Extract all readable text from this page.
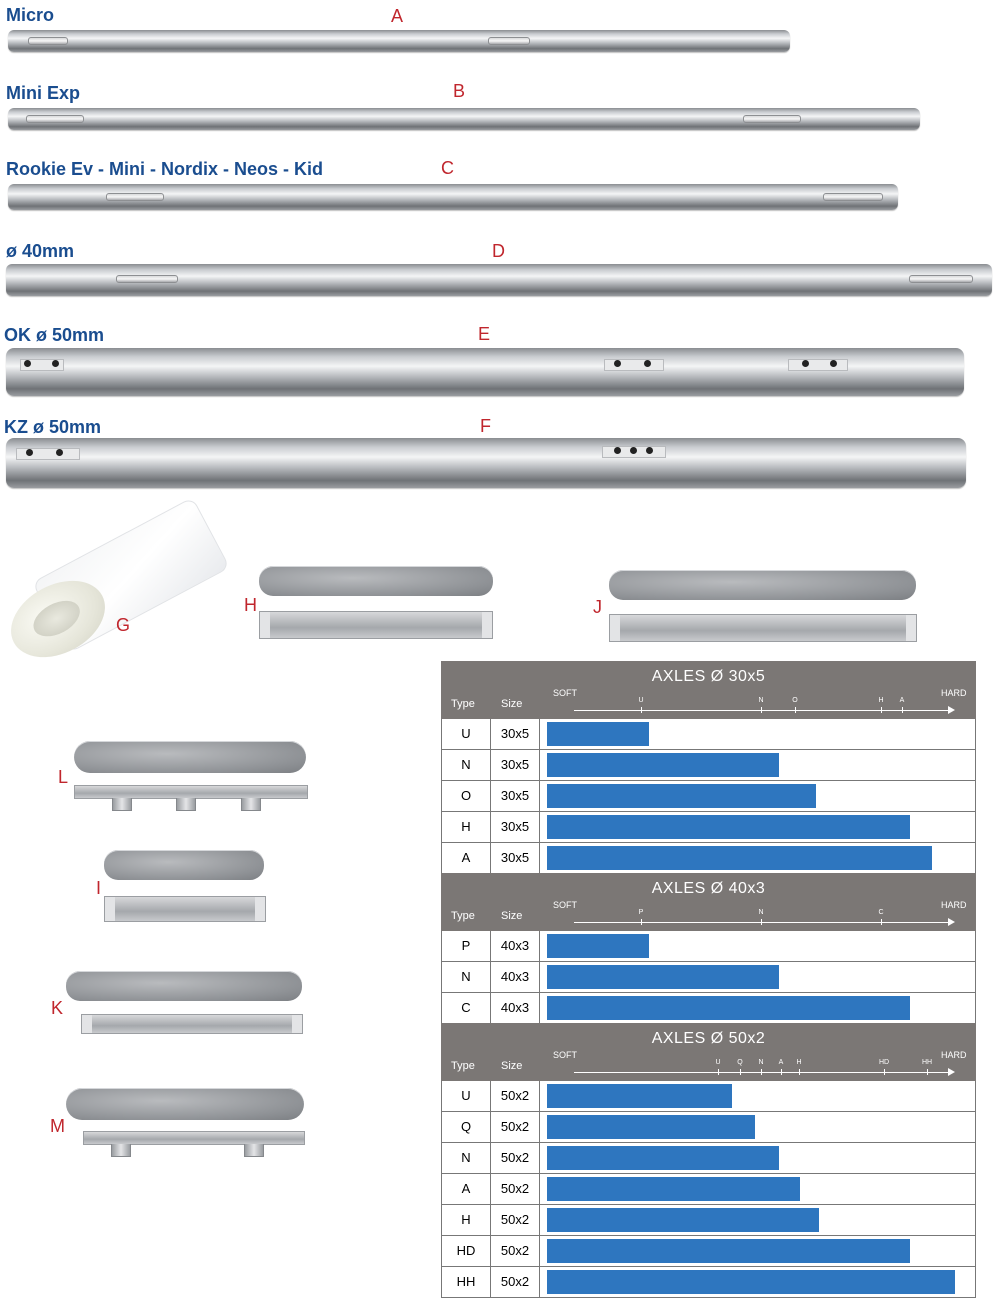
Micro	A
Mini Exp	B
Rookie Ev - Mini - Nordix - Neos - Kid	C
ø 40mm	D
OK ø 50mm	E
KZ ø 50mm	F
G
H	J
L
I
K
M
AXLES Ø 30x5
Type Size
SOFT	HARD
U	N	O	H A
U	30x5
N	30x5
O	30x5
H	30x5
A	30x5
AXLES Ø 40x3
Type Size
SOFT	HARD
P	N	C
P	40x3
N	40x3
C	40x3
AXLES Ø 50x2
Type Size
SOFT	HARD
U Q N A H	HD	HH
U	50x2
Q	50x2
N	50x2
A	50x2
H	50x2
HD	50x2
HH	50x2
